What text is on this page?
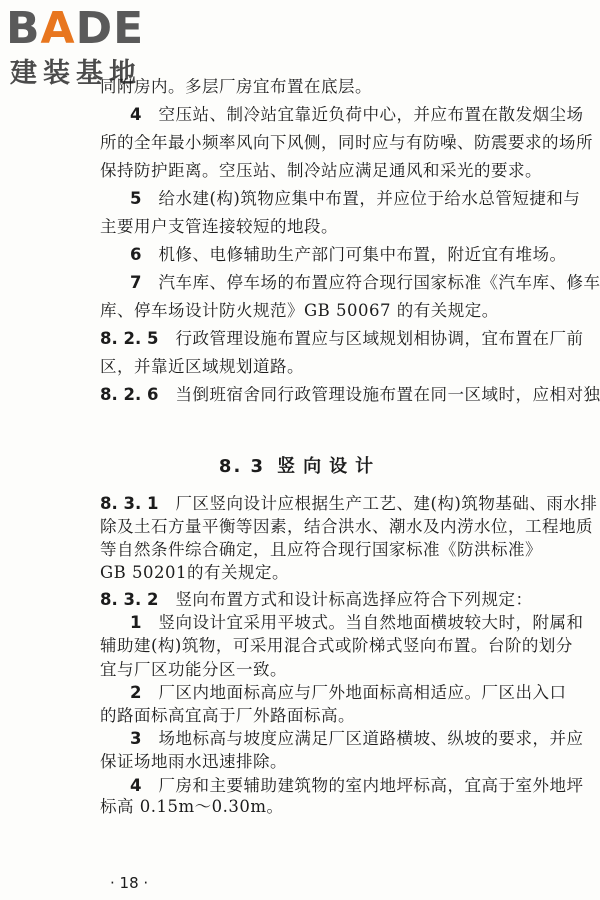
BADE
建装基地
同附房内。多层厂房宜布置在底层。
4　 空压站、制冷站宜靠近负荷中心，并应布置在散发烟尘场
所的全年最小频率风向下风侧，同时应与有防噪、防震要求的场所
保持防护距离。空压站、制冷站应满足通风和采光的要求。
5　 给水建(构)筑物应集中布置，并应位于给水总管短捷和与
主要用户支管连接较短的地段。
6　 机修、电修辅助生产部门可集中布置，附近宜有堆场。
7　 汽车库、停车场的布置应符合现行国家标准《汽车库、修车
库、停车场设计防火规范》GB 50067 的有关规定。
8. 2. 5　 行政管理设施布置应与区域规划相协调，宜布置在厂前
区，并靠近区域规划道路。
8. 2. 6　 当倒班宿舍同行政管理设施布置在同一区域时，应相对独
8. 3 竖向设计
8. 3. 1　 厂区竖向设计应根据生产工艺、建(构)筑物基础、雨水排
除及土石方量平衡等因素，结合洪水、潮水及内涝水位，工程地质
等自然条件综合确定，且应符合现行国家标准《防洪标准》
GB 50201的有关规定。
8. 3. 2　 竖向布置方式和设计标高选择应符合下列规定：
1　 竖向设计宜采用平坡式。当自然地面横坡较大时，附属和
辅助建(构)筑物，可采用混合式或阶梯式竖向布置。台阶的划分
宜与厂区功能分区一致。
2　 厂区内地面标高应与厂外地面标高相适应。厂区出入口
的路面标高宜高于厂外路面标高。
3　 场地标高与坡度应满足厂区道路横坡、纵坡的要求，并应
· 18 ·
保证场地雨水迅速排除。
4　 厂房和主要辅助建筑物的室内地坪标高，宜高于室外地坪
标高 0.15m～0.30m。
